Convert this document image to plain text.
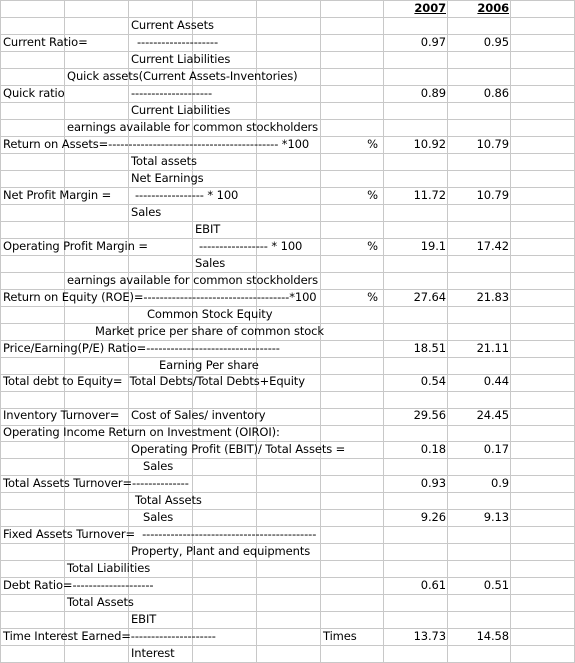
2007	2006
Current Assets
Current Ratio=	--------------------	0.97	0.95
Current Liabilities
Quick assets(Current Assets-Inventories)
Quick ratio	--------------------	0.89	0.86
Current Liabilities
earnings available for common stockholders
Return on Assets=------------------------------------------ *100	%	10.92	10.79
Total assets
Net Earnings
Net Profit Margin = ----------------- * 100	%	11.72	10.79
Sales
EBIT
Operating Profit Margin =	----------------- * 100	%	19.1	17.42
Sales
earnings available for common stockholders
Return on Equity (ROE)=------------------------------------*100	%	27.64	21.83
Common Stock Equity
Market price per share of common stock
Price/Earning(P/E) Ratio=---------------------------------	18.51	21.11
Earning Per share
Total debt to Equity=  Total Debts/Total Debts+Equity	0.54	0.44
Inventory Turnover= Cost of Sales/ inventory	29.56	24.45
Operating Income Return on Investment (OIROI):
Operating Profit (EBIT)/ Total Assets =	0.18	0.17
Sales
Total Assets Turnover=--------------	0.93	0.9
Total Assets
Sales	9.26	9.13
Fixed Assets Turnover=  -------------------------------------------
Property, Plant and equipments
Total Liabilities
Debt Ratio=--------------------	0.61	0.51
Total Assets
EBIT
Time Interest Earned=---------------------	Times	13.73	14.58
Interest
